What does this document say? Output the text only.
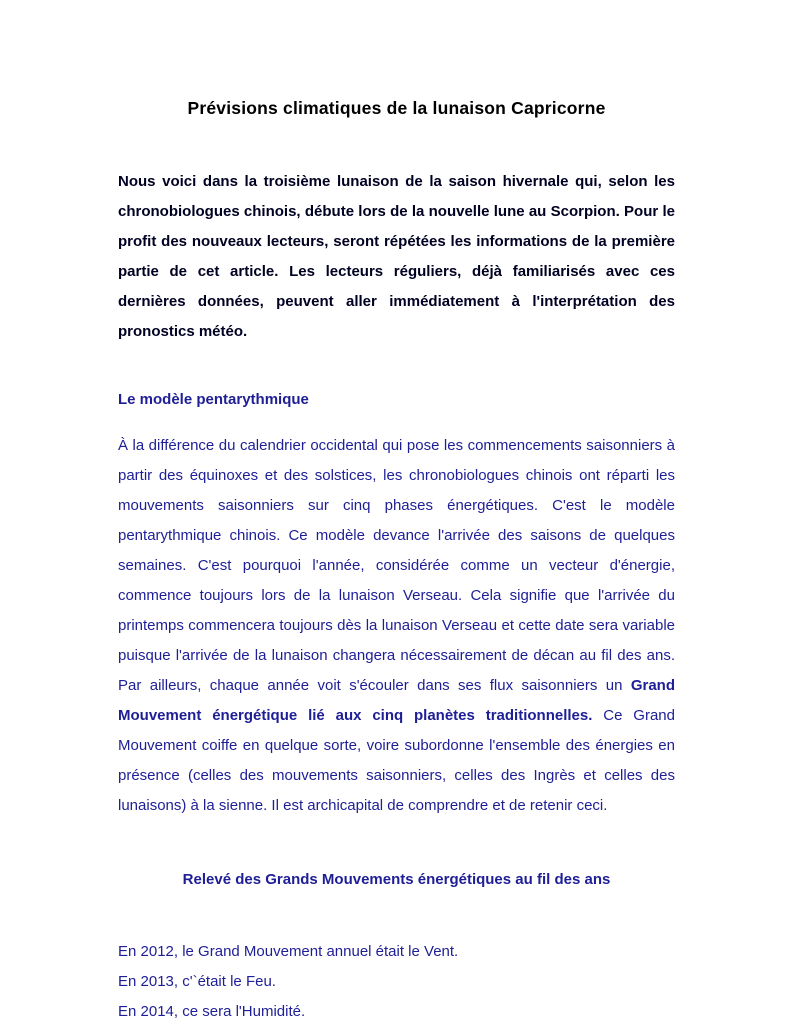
Prévisions climatiques de la lunaison Capricorne

Nous voici dans la troisième lunaison de la saison hivernale qui, selon les chronobiologues chinois, débute lors de la nouvelle lune au Scorpion. Pour le profit des nouveaux lecteurs, seront répétées les informations de la première partie de cet article. Les lecteurs réguliers, déjà familiarisés avec ces dernières données, peuvent aller immédiatement à l'interprétation des pronostics météo.

Le modèle pentarythmique

À la différence du calendrier occidental qui pose les commencements saisonniers à partir des équinoxes et des solstices, les chronobiologues chinois ont réparti les mouvements saisonniers sur cinq phases énergétiques. C'est le modèle pentarythmique chinois. Ce modèle devance l'arrivée des saisons de quelques semaines. C'est pourquoi l'année, considérée comme un vecteur d'énergie, commence toujours lors de la lunaison Verseau. Cela signifie que l'arrivée du printemps commencera toujours dès la lunaison Verseau et cette date sera variable puisque l'arrivée de la lunaison changera nécessairement de décan au fil des ans. Par ailleurs, chaque année voit s'écouler dans ses flux saisonniers un Grand Mouvement énergétique lié aux cinq planètes traditionnelles. Ce Grand Mouvement coiffe en quelque sorte, voire subordonne l'ensemble des énergies en présence (celles des mouvements saisonniers, celles des Ingrès et celles des lunaisons) à la sienne. Il est archicapital de comprendre et de retenir ceci.

Relevé des Grands Mouvements énergétiques au fil des ans

En 2012, le Grand Mouvement annuel était le Vent.

En 2013, c'`était le Feu.

En 2014, ce sera l'Humidité.
